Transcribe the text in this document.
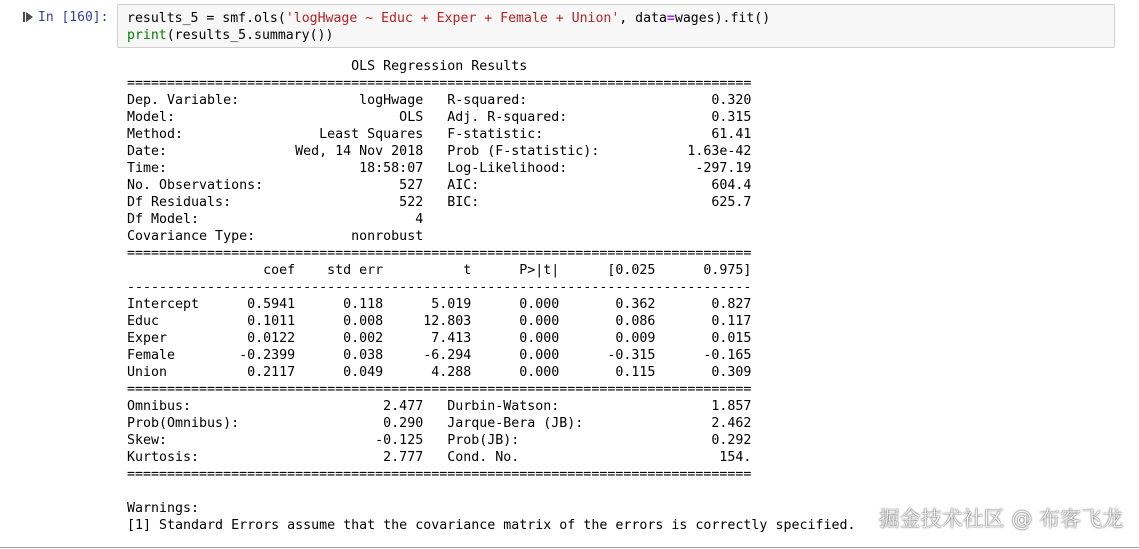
In [160]: results_5 = smf.ols('logHwage ~ Educ + Exper + Female + Union', data=wages).fit()
print(results_5.summary())
OLS Regression Results
==============================================================================
Dep. Variable:               logHwage   R-squared:                       0.320
Model:                            OLS   Adj. R-squared:                  0.315
Method:                 Least Squares   F-statistic:                     61.41
Date:                Wed, 14 Nov 2018   Prob (F-statistic):           1.63e-42
Time:                        18:58:07   Log-Likelihood:                -297.19
No. Observations:                 527   AIC:                             604.4
Df Residuals:                     522   BIC:                             625.7
Df Model:                           4
Covariance Type:            nonrobust
==============================================================================
coef    std err          t      P>|t|      [0.025      0.975]
------------------------------------------------------------------------------
Intercept      0.5941      0.118      5.019      0.000       0.362       0.827
Educ           0.1011      0.008     12.803      0.000       0.086       0.117
Exper          0.0122      0.002      7.413      0.000       0.009       0.015
Female        -0.2399      0.038     -6.294      0.000      -0.315      -0.165
Union          0.2117      0.049      4.288      0.000       0.115       0.309
==============================================================================
Omnibus:                        2.477   Durbin-Watson:                   1.857
Prob(Omnibus):                  0.290   Jarque-Bera (JB):                2.462
Skew:                          -0.125   Prob(JB):                        0.292
Kurtosis:                       2.777   Cond. No.                         154.
==============================================================================
Warnings:
[1] Standard Errors assume that the covariance matrix of the errors is correctly specified. 掘金技术社区 @ 布客飞龙
